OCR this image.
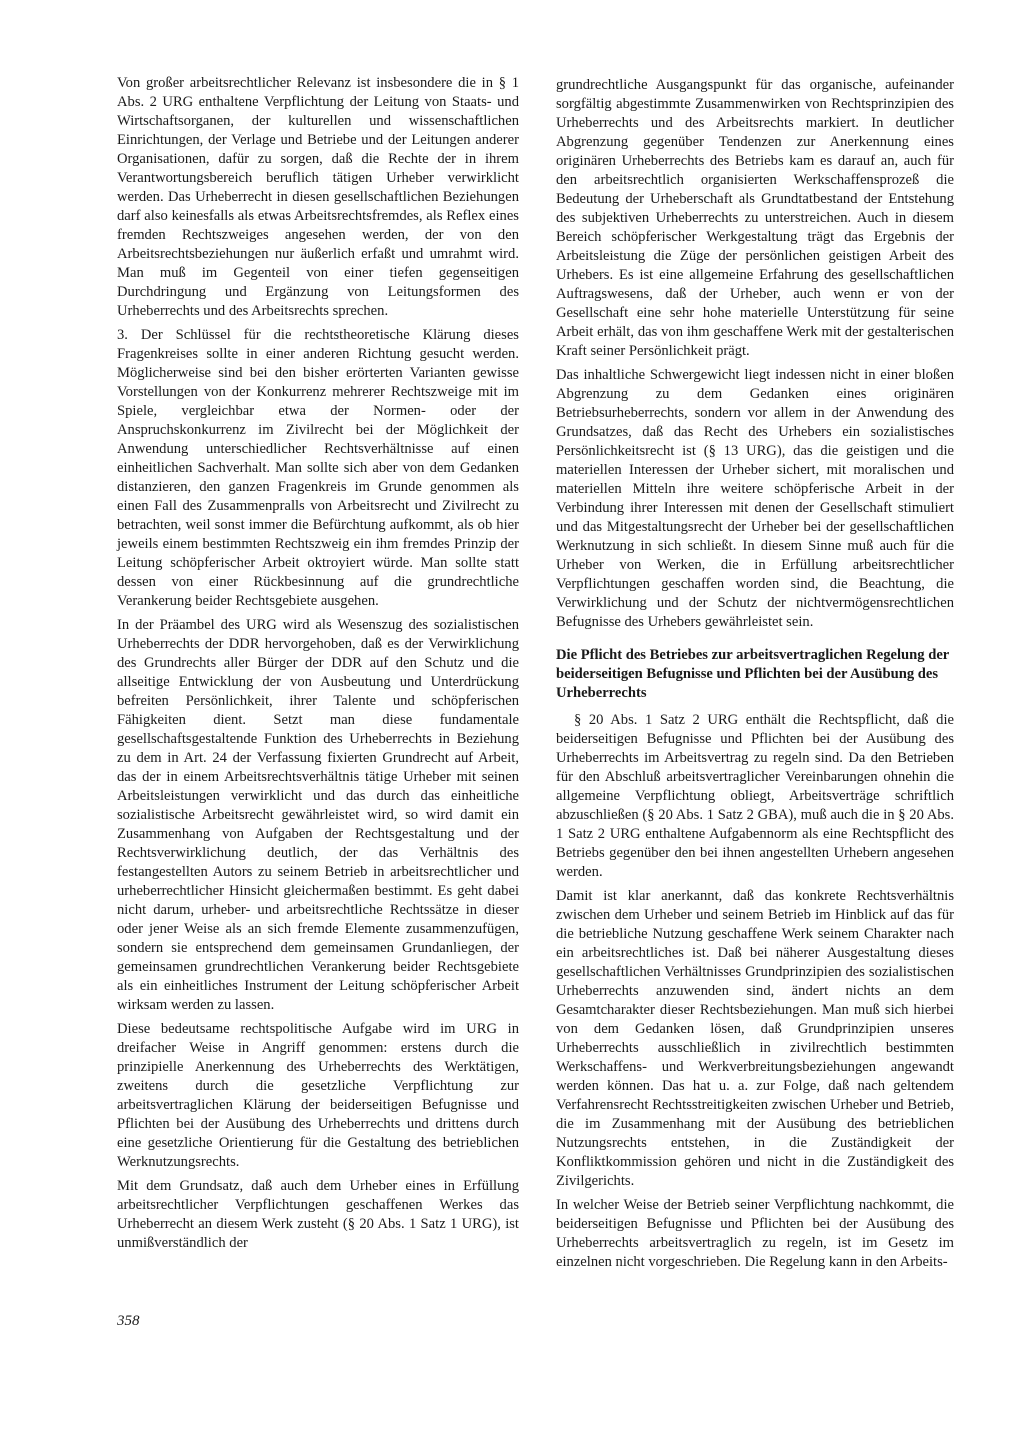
Von großer arbeitsrechtlicher Relevanz ist insbesondere die in § 1 Abs. 2 URG enthaltene Verpflichtung der Leitung von Staats- und Wirtschaftsorganen, der kulturellen und wissenschaftlichen Einrichtungen, der Verlage und Betriebe und der Leitungen anderer Organisationen, dafür zu sorgen, daß die Rechte der in ihrem Verantwortungsbereich beruflich tätigen Urheber verwirklicht werden. Das Urheberrecht in diesen gesellschaftlichen Beziehungen darf also keinesfalls als etwas Arbeitsrechtsfremdes, als Reflex eines fremden Rechtszweiges angesehen werden, der von den Arbeitsrechtsbeziehungen nur äußerlich erfaßt und umrahmt wird. Man muß im Gegenteil von einer tiefen gegenseitigen Durchdringung und Ergänzung von Leitungsformen des Urheberrechts und des Arbeitsrechts sprechen.

3. Der Schlüssel für die rechtstheoretische Klärung dieses Fragenkreises sollte in einer anderen Richtung gesucht werden. Möglicherweise sind bei den bisher erörterten Varianten gewisse Vorstellungen von der Konkurrenz mehrerer Rechtszweige mit im Spiele, vergleichbar etwa der Normen- oder der Anspruchskonkurrenz im Zivilrecht bei der Möglichkeit der Anwendung unterschiedlicher Rechtsverhältnisse auf einen einheitlichen Sachverhalt. Man sollte sich aber von dem Gedanken distanzieren, den ganzen Fragenkreis im Grunde genommen als einen Fall des Zusammenpralls von Arbeitsrecht und Zivilrecht zu betrachten, weil sonst immer die Befürchtung aufkommt, als ob hier jeweils einem bestimmten Rechtszweig ein ihm fremdes Prinzip der Leitung schöpferischer Arbeit oktroyiert würde. Man sollte statt dessen von einer Rückbesinnung auf die grundrechtliche Verankerung beider Rechtsgebiete ausgehen.

In der Präambel des URG wird als Wesenszug des sozialistischen Urheberrechts der DDR hervorgehoben, daß es der Verwirklichung des Grundrechts aller Bürger der DDR auf den Schutz und die allseitige Entwicklung der von Ausbeutung und Unterdrückung befreiten Persönlichkeit, ihrer Talente und schöpferischen Fähigkeiten dient. Setzt man diese fundamentale gesellschaftsgestaltende Funktion des Urheberrechts in Beziehung zu dem in Art. 24 der Verfassung fixierten Grundrecht auf Arbeit, das der in einem Arbeitsrechtsverhältnis tätige Urheber mit seinen Arbeitsleistungen verwirklicht und das durch das einheitliche sozialistische Arbeitsrecht gewährleistet wird, so wird damit ein Zusammenhang von Aufgaben der Rechtsgestaltung und der Rechtsverwirklichung deutlich, der das Verhältnis des festangestellten Autors zu seinem Betrieb in arbeitsrechtlicher und urheberrechtlicher Hinsicht gleichermaßen bestimmt. Es geht dabei nicht darum, urheber- und arbeitsrechtliche Rechtssätze in dieser oder jener Weise als an sich fremde Elemente zusammenzufügen, sondern sie entsprechend dem gemeinsamen Grundanliegen, der gemeinsamen grundrechtlichen Verankerung beider Rechtsgebiete als ein einheitliches Instrument der Leitung schöpferischer Arbeit wirksam werden zu lassen.

Diese bedeutsame rechtspolitische Aufgabe wird im URG in dreifacher Weise in Angriff genommen: erstens durch die prinzipielle Anerkennung des Urheberrechts des Werktätigen, zweitens durch die gesetzliche Verpflichtung zur arbeitsvertraglichen Klärung der beiderseitigen Befugnisse und Pflichten bei der Ausübung des Urheberrechts und drittens durch eine gesetzliche Orientierung für die Gestaltung des betrieblichen Werknutzungsrechts.

Mit dem Grundsatz, daß auch dem Urheber eines in Erfüllung arbeitsrechtlicher Verpflichtungen geschaffenen Werkes das Urheberrecht an diesem Werk zusteht (§ 20 Abs. 1 Satz 1 URG), ist unmißverständlich der

grundrechtliche Ausgangspunkt für das organische, aufeinander sorgfältig abgestimmte Zusammenwirken von Rechtsprinzipien des Urheberrechts und des Arbeitsrechts markiert. In deutlicher Abgrenzung gegenüber Tendenzen zur Anerkennung eines originären Urheberrechts des Betriebs kam es darauf an, auch für den arbeitsrechtlich organisierten Werkschaffensprozeß die Bedeutung der Urheberschaft als Grundtatbestand der Entstehung des subjektiven Urheberrechts zu unterstreichen. Auch in diesem Bereich schöpferischer Werkgestaltung trägt das Ergebnis der Arbeitsleistung die Züge der persönlichen geistigen Arbeit des Urhebers. Es ist eine allgemeine Erfahrung des gesellschaftlichen Auftragswesens, daß der Urheber, auch wenn er von der Gesellschaft eine sehr hohe materielle Unterstützung für seine Arbeit erhält, das von ihm geschaffene Werk mit der gestalterischen Kraft seiner Persönlichkeit prägt.

Das inhaltliche Schwergewicht liegt indessen nicht in einer bloßen Abgrenzung zu dem Gedanken eines originären Betriebsurheberrechts, sondern vor allem in der Anwendung des Grundsatzes, daß das Recht des Urhebers ein sozialistisches Persönlichkeitsrecht ist (§ 13 URG), das die geistigen und die materiellen Interessen der Urheber sichert, mit moralischen und materiellen Mitteln ihre weitere schöpferische Arbeit in der Verbindung ihrer Interessen mit denen der Gesellschaft stimuliert und das Mitgestaltungsrecht der Urheber bei der gesellschaftlichen Werknutzung in sich schließt. In diesem Sinne muß auch für die Urheber von Werken, die in Erfüllung arbeitsrechtlicher Verpflichtungen geschaffen worden sind, die Beachtung, die Verwirklichung und der Schutz der nichtvermögensrechtlichen Befugnisse des Urhebers gewährleistet sein.

Die Pflicht des Betriebes zur arbeitsvertraglichen Regelung der beiderseitigen Befugnisse und Pflichten bei der Ausübung des Urheberrechts

§ 20 Abs. 1 Satz 2 URG enthält die Rechtspflicht, daß die beiderseitigen Befugnisse und Pflichten bei der Ausübung des Urheberrechts im Arbeitsvertrag zu regeln sind. Da den Betrieben für den Abschluß arbeitsvertraglicher Vereinbarungen ohnehin die allgemeine Verpflichtung obliegt, Arbeitsverträge schriftlich abzuschließen (§ 20 Abs. 1 Satz 2 GBA), muß auch die in § 20 Abs. 1 Satz 2 URG enthaltene Aufgabennorm als eine Rechtspflicht des Betriebs gegenüber den bei ihnen angestellten Urhebern angesehen werden.

Damit ist klar anerkannt, daß das konkrete Rechtsverhältnis zwischen dem Urheber und seinem Betrieb im Hinblick auf das für die betriebliche Nutzung geschaffene Werk seinem Charakter nach ein arbeitsrechtliches ist. Daß bei näherer Ausgestaltung dieses gesellschaftlichen Verhältnisses Grundprinzipien des sozialistischen Urheberrechts anzuwenden sind, ändert nichts an dem Gesamtcharakter dieser Rechtsbeziehungen. Man muß sich hierbei von dem Gedanken lösen, daß Grundprinzipien unseres Urheberrechts ausschließlich in zivilrechtlich bestimmten Werkschaffens- und Werkverbreitungsbeziehungen angewandt werden können. Das hat u. a. zur Folge, daß nach geltendem Verfahrensrecht Rechtsstreitigkeiten zwischen Urheber und Betrieb, die im Zusammenhang mit der Ausübung des betrieblichen Nutzungsrechts entstehen, in die Zuständigkeit der Konfliktkommission gehören und nicht in die Zuständigkeit des Zivilgerichts.

In welcher Weise der Betrieb seiner Verpflichtung nachkommt, die beiderseitigen Befugnisse und Pflichten bei der Ausübung des Urheberrechts arbeitsvertraglich zu regeln, ist im Gesetz im einzelnen nicht vorgeschrieben. Die Regelung kann in den Arbeits-

358
